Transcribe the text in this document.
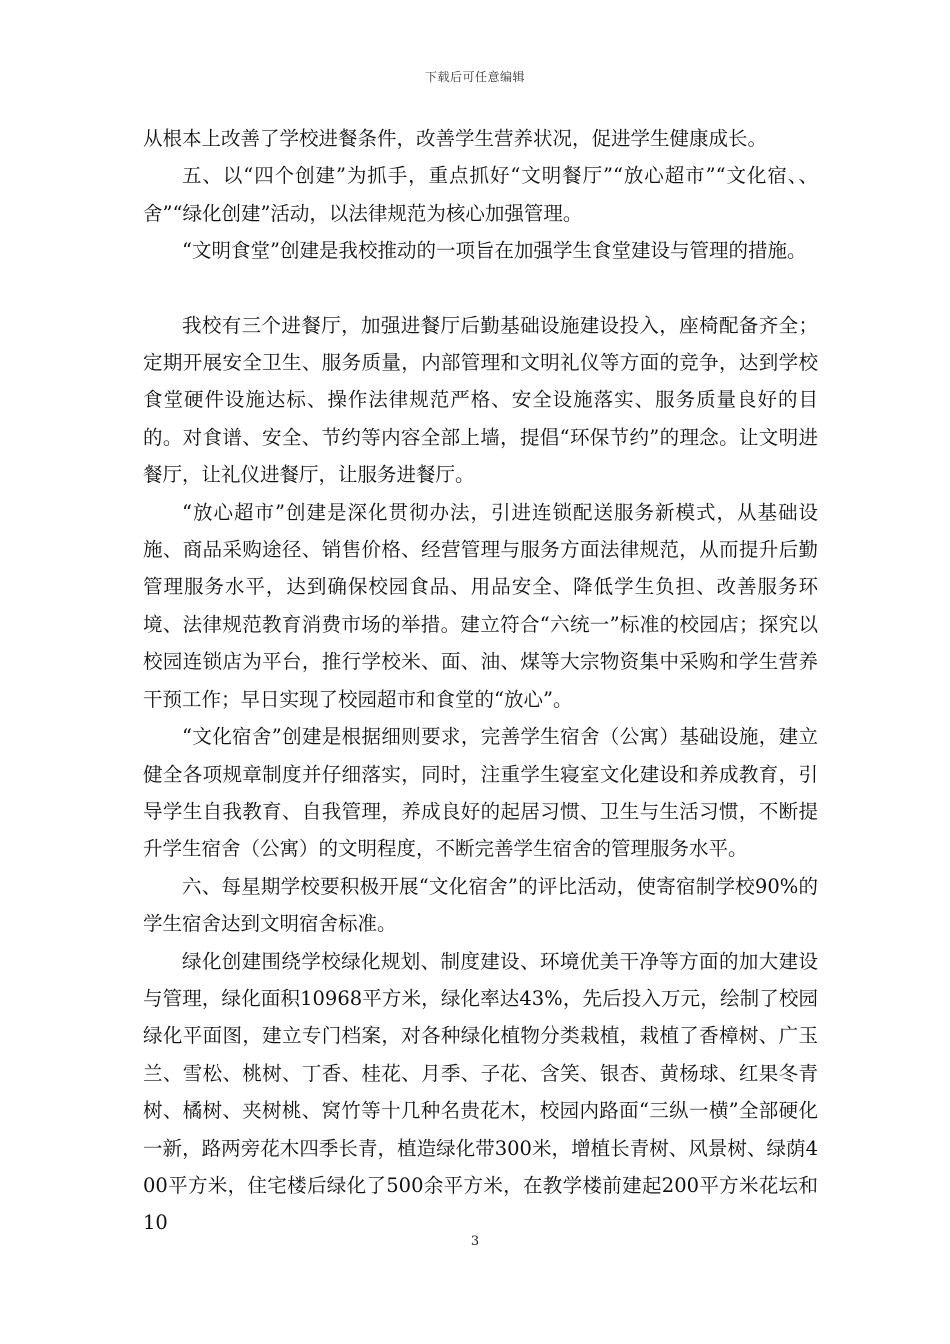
下载后可任意编辑

从根本上改善了学校进餐条件，改善学生营养状况，促进学生健康成长。

五、以“四个创建”为抓手，重点抓好“文明餐厅”“放心超市”“文化宿、、舍”“绿化创建”活动，以法律规范为核心加强管理。

“文明食堂”创建是我校推动的一项旨在加强学生食堂建设与管理的措施。

我校有三个进餐厅，加强进餐厅后勤基础设施建设投入，座椅配备齐全；定期开展安全卫生、服务质量，内部管理和文明礼仪等方面的竞争，达到学校食堂硬件设施达标、操作法律规范严格、安全设施落实、服务质量良好的目的。对食谱、安全、节约等内容全部上墙，提倡“环保节约”的理念。让文明进餐厅，让礼仪进餐厅，让服务进餐厅。

“放心超市”创建是深化贯彻办法，引进连锁配送服务新模式，从基础设施、商品采购途径、销售价格、经营管理与服务方面法律规范，从而提升后勤管理服务水平，达到确保校园食品、用品安全、降低学生负担、改善服务环境、法律规范教育消费市场的举措。建立符合“六统一”标准的校园店；探究以校园连锁店为平台，推行学校米、面、油、煤等大宗物资集中采购和学生营养干预工作；早日实现了校园超市和食堂的“放心”。

“文化宿舍”创建是根据细则要求，完善学生宿舍（公寓）基础设施，建立健全各项规章制度并仔细落实，同时，注重学生寝室文化建设和养成教育，引导学生自我教育、自我管理，养成良好的起居习惯、卫生与生活习惯，不断提升学生宿舍（公寓）的文明程度，不断完善学生宿舍的管理服务水平。

六、每星期学校要积极开展“文化宿舍”的评比活动，使寄宿制学校90%的学生宿舍达到文明宿舍标准。

绿化创建围绕学校绿化规划、制度建设、环境优美干净等方面的加大建设与管理，绿化面积10968平方米，绿化率达43%，先后投入万元，绘制了校园绿化平面图，建立专门档案，对各种绿化植物分类栽植，栽植了香樟树、广玉兰、雪松、桃树、丁香、桂花、月季、子花、含笑、银杏、黄杨球、红果冬青树、橘树、夹树桃、窝竹等十几种名贵花木，校园内路面“三纵一横”全部硬化一新，路两旁花木四季长青，植造绿化带300米，增植长青树、风景树、绿荫400平方米，住宅楼后绿化了500余平方米，在教学楼前建起200平方米花坛和10

3
